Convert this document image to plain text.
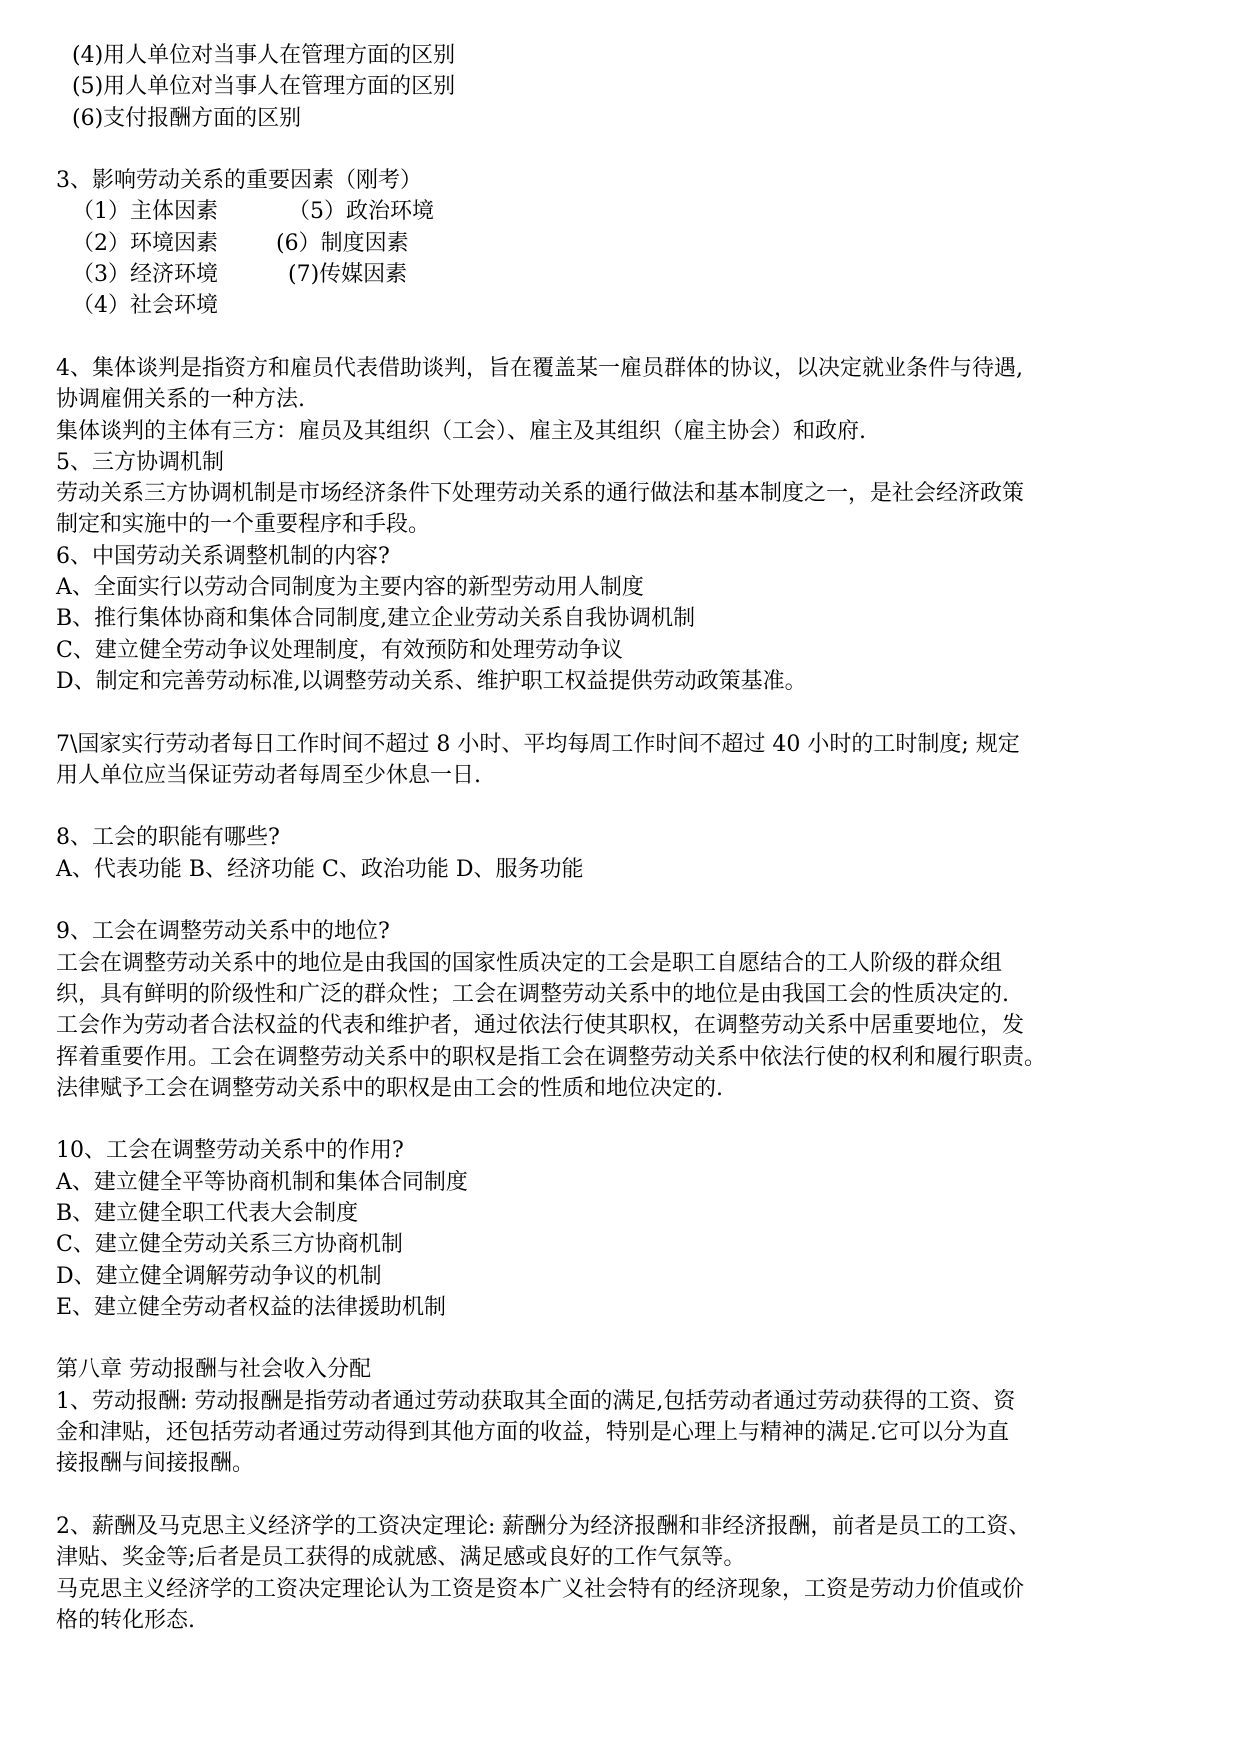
(4)用人单位对当事人在管理方面的区别
(5)用人单位对当事人在管理方面的区别
(6)支付报酬方面的区别
3、影响劳动关系的重要因素（刚考）
（1）主体因素	（5）政治环境
（2）环境因素	(6）制度因素
（3）经济环境	(7)传媒因素
（4）社会环境
4、集体谈判是指资方和雇员代表借助谈判，旨在覆盖某一雇员群体的协议，以决定就业条件与待遇,
协调雇佣关系的一种方法.
集体谈判的主体有三方：雇员及其组织（工会）、雇主及其组织（雇主协会）和政府.
5、三方协调机制
劳动关系三方协调机制是市场经济条件下处理劳动关系的通行做法和基本制度之一，是社会经济政策
制定和实施中的一个重要程序和手段。
6、中国劳动关系调整机制的内容?
A、全面实行以劳动合同制度为主要内容的新型劳动用人制度
B、推行集体协商和集体合同制度,建立企业劳动关系自我协调机制
C、建立健全劳动争议处理制度，有效预防和处理劳动争议
D、制定和完善劳动标准,以调整劳动关系、维护职工权益提供劳动政策基准。
7\国家实行劳动者每日工作时间不超过 8 小时、平均每周工作时间不超过 40 小时的工时制度; 规定
用人单位应当保证劳动者每周至少休息一日.
8、工会的职能有哪些?
A、代表功能 B、经济功能 C、政治功能 D、服务功能
9、工会在调整劳动关系中的地位?
工会在调整劳动关系中的地位是由我国的国家性质决定的工会是职工自愿结合的工人阶级的群众组
织，具有鲜明的阶级性和广泛的群众性；工会在调整劳动关系中的地位是由我国工会的性质决定的.
工会作为劳动者合法权益的代表和维护者，通过依法行使其职权，在调整劳动关系中居重要地位，发
挥着重要作用。工会在调整劳动关系中的职权是指工会在调整劳动关系中依法行使的权利和履行职责。
法律赋予工会在调整劳动关系中的职权是由工会的性质和地位决定的.
10、工会在调整劳动关系中的作用?
A、建立健全平等协商机制和集体合同制度
B、建立健全职工代表大会制度
C、建立健全劳动关系三方协商机制
D、建立健全调解劳动争议的机制
E、建立健全劳动者权益的法律援助机制
第八章 劳动报酬与社会收入分配
1、劳动报酬: 劳动报酬是指劳动者通过劳动获取其全面的满足,包括劳动者通过劳动获得的工资、资
金和津贴，还包括劳动者通过劳动得到其他方面的收益，特别是心理上与精神的满足.它可以分为直
接报酬与间接报酬。
2、薪酬及马克思主义经济学的工资决定理论: 薪酬分为经济报酬和非经济报酬，前者是员工的工资、
津贴、奖金等;后者是员工获得的成就感、满足感或良好的工作气氛等。
马克思主义经济学的工资决定理论认为工资是资本广义社会特有的经济现象，工资是劳动力价值或价
格的转化形态.
